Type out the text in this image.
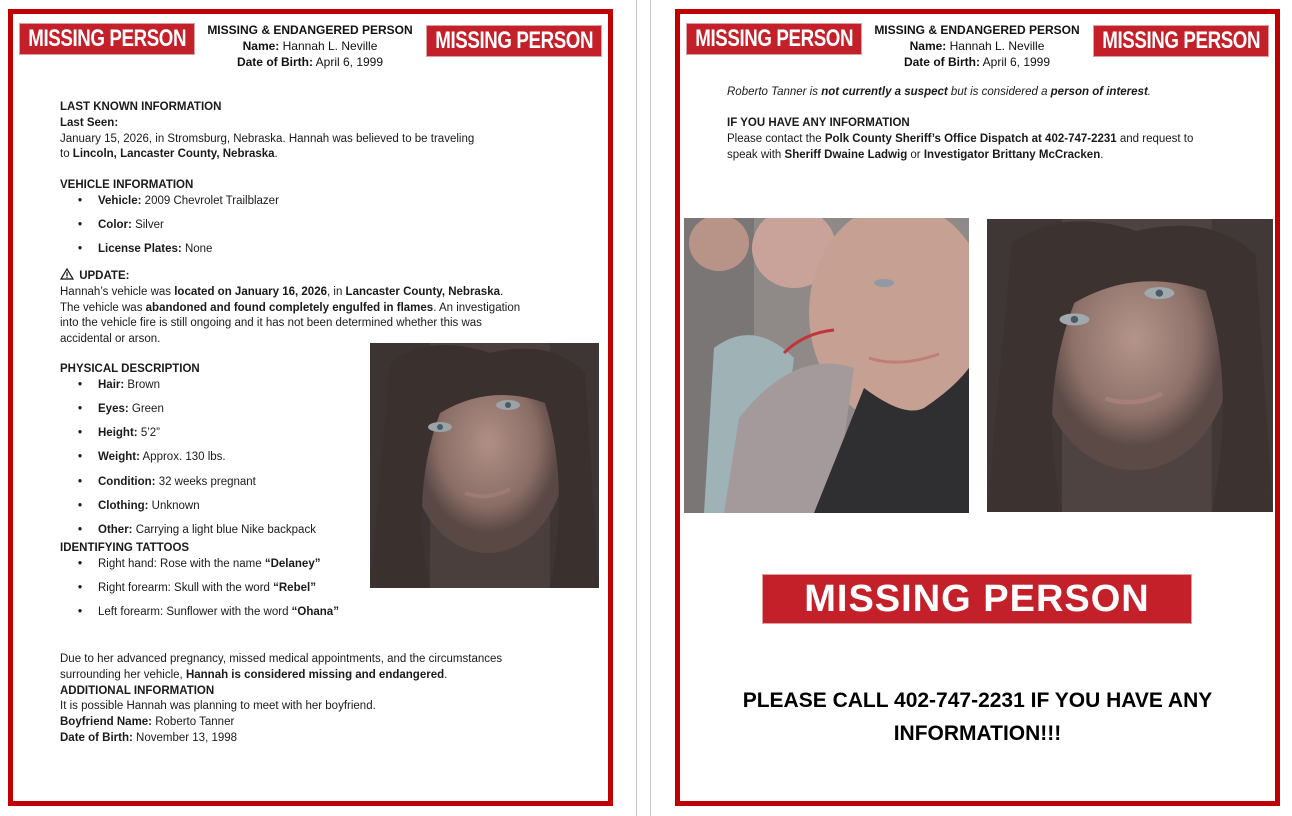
MISSING PERSON	MISSING PERSON
MISSING & ENDANGERED PERSON
Name: Hannah L. Neville
Date of Birth: April 6, 1999
LAST KNOWN INFORMATION
Last Seen:
January 15, 2026, in Stromsburg, Nebraska. Hannah was believed to be traveling
to Lincoln, Lancaster County, Nebraska.
VEHICLE INFORMATION
• Vehicle: 2009 Chevrolet Trailblazer
• Color: Silver
• License Plates: None
UPDATE:
Hannah’s vehicle was located on January 16, 2026, in Lancaster County, Nebraska.
The vehicle was abandoned and found completely engulfed in flames. An investigation
into the vehicle fire is still ongoing and it has not been determined whether this was
accidental or arson.
PHYSICAL DESCRIPTION
• Hair: Brown
• Eyes: Green
• Height: 5’2”
• Weight: Approx. 130 lbs.
• Condition: 32 weeks pregnant
• Clothing: Unknown
• Other: Carrying a light blue Nike backpack
IDENTIFYING TATTOOS
• Right hand: Rose with the name “Delaney”
• Right forearm: Skull with the word “Rebel”
• Left forearm: Sunflower with the word “Ohana”
Due to her advanced pregnancy, missed medical appointments, and the circumstances
surrounding her vehicle, Hannah is considered missing and endangered.
ADDITIONAL INFORMATION
It is possible Hannah was planning to meet with her boyfriend.
Boyfriend Name: Roberto Tanner
Date of Birth: November 13, 1998
MISSING PERSON	MISSING PERSON
MISSING & ENDANGERED PERSON
Name: Hannah L. Neville
Date of Birth: April 6, 1999
Roberto Tanner is not currently a suspect but is considered a person of interest.
IF YOU HAVE ANY INFORMATION
Please contact the Polk County Sheriff’s Office Dispatch at 402-747-2231 and request to
speak with Sheriff Dwaine Ladwig or Investigator Brittany McCracken.
MISSING PERSON
PLEASE CALL 402-747-2231 IF YOU HAVE ANY INFORMATION!!!
